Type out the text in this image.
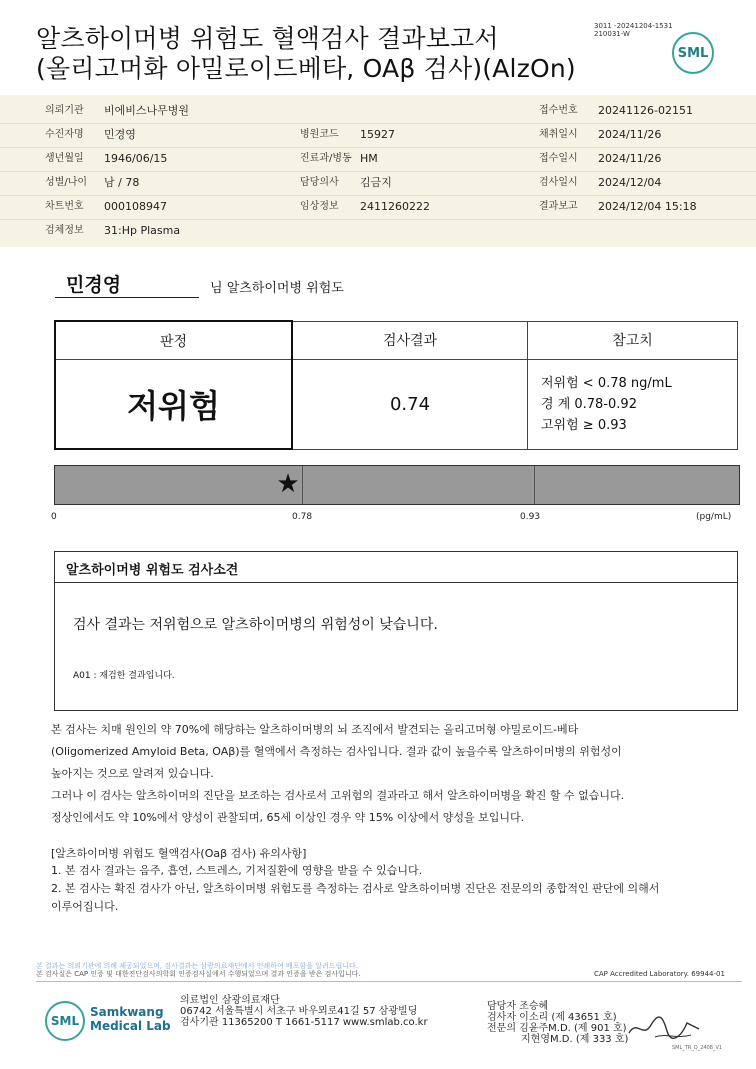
알츠하이머병 위험도 혈액검사 결과보고서
(올리고머화 아밀로이드베타, OAβ 검사)(AlzOn)
3011 -20241204-1531
210031-W
SML
의뢰기관 비에비스나무병원	접수번호 20241126-02151
수진자명 민경영	병원코드 15927	채취일시 2024/11/26
생년월일 1946/06/15	진료과/병동 HM	접수일시 2024/11/26
성별/나이 남 / 78	담당의사 김금지	검사일시 2024/12/04
차트번호 000108947	임상정보 2411260222	결과보고 2024/12/04 15:18
검체정보 31:Hp Plasma
민경영	님 알츠하이머병 위험도
판정	검사결과	참고치
저위험	0.74	저위험 < 0.78 ng/mL
경 계 0.78-0.92
고위험 ≥ 0.93
★
0	0.78	0.93	(pg/mL)
알츠하이머병 위험도 검사소견
검사 결과는 저위험으로 알츠하이머병의 위험성이 낮습니다.
A01 : 재검한 결과입니다.
본 검사는 치매 원인의 약 70%에 해당하는 알츠하이머병의 뇌 조직에서 발견되는 올리고머형 아밀로이드-베타
(Oligomerized Amyloid Beta, OAβ)를 혈액에서 측정하는 검사입니다. 결과 값이 높을수록 알츠하이머병의 위험성이
높아지는 것으로 알려져 있습니다.
그러나 이 검사는 알츠하이머의 진단을 보조하는 검사로서 고위험의 결과라고 해서 알츠하이머병을 확진 할 수 없습니다.
정상인에서도 약 10%에서 양성이 관찰되며, 65세 이상인 경우 약 15% 이상에서 양성을 보입니다.
[알츠하이머병 위험도 혈액검사(Oaβ 검사) 유의사항]
1. 본 검사 결과는 음주, 흡연, 스트레스, 기저질환에 영향을 받을 수 있습니다.
2. 본 검사는 확진 검사가 아닌, 알츠하이머병 위험도를 측정하는 검사로 알츠하이머병 진단은 전문의의 종합적인 판단에 의해서
이루어집니다.
본 결과는 의뢰기관에 의해 제공되었으며, 검사결과는 삼광의료재단에서 인쇄하여 배포함을 알려드립니다.
본 검사실은 CAP 인증 및 대한진단검사의학회 인증검사실에서 수행되었으며 결과 인증을 받은 검사입니다.	CAP Accredited Laboratory. 69944-01
SML
Samkwang
Medical Lab
의료법인 삼광의료재단
06742 서울특별시 서초구 바우뫼로41길 57 삼광빌딩
검사기관 11365200 T 1661-5117 www.smlab.co.kr
담당자 조승혜
검사자 이소리 (제 43651 호)
전문의 김윤주M.D. (제 901 호)
지현영M.D. (제 333 호)
SML_TR_Q_2408_V1
